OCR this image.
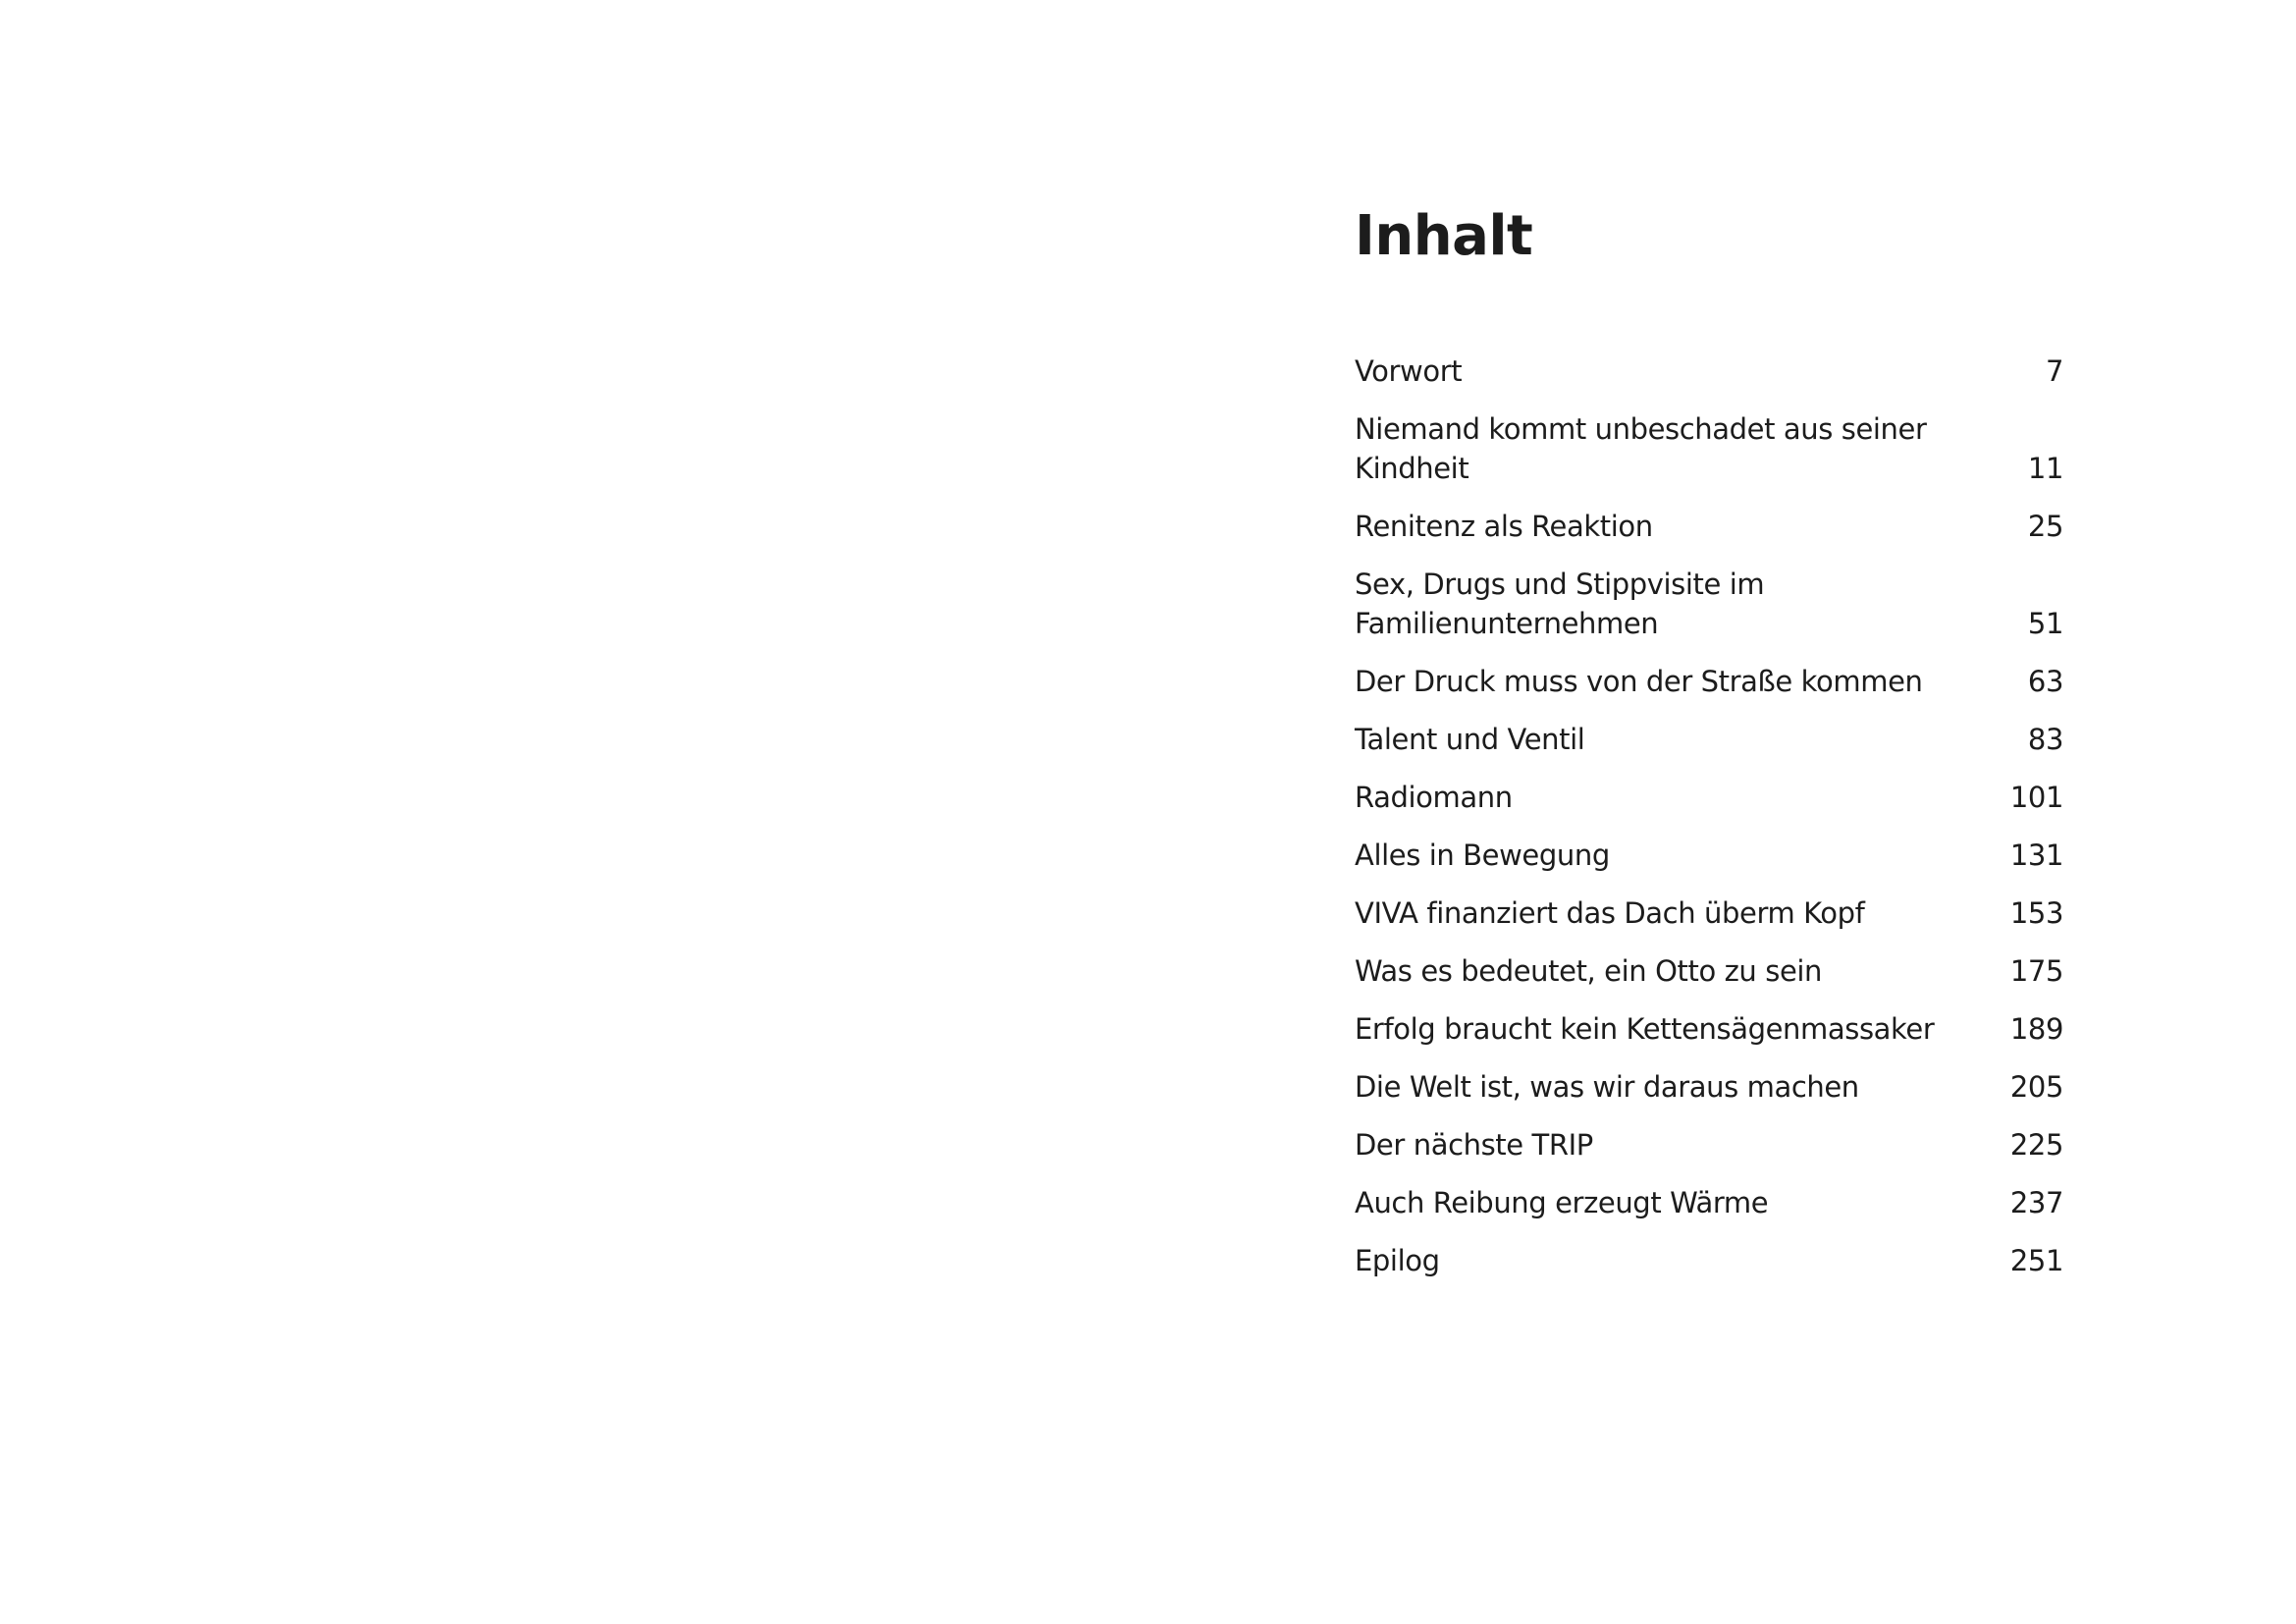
Inhalt
Vorwort	7
Niemand kommt unbeschadet aus seiner Kindheit	11
Renitenz als Reaktion	25
Sex, Drugs und Stippvisite im Familienunternehmen	51
Der Druck muss von der Straße kommen	63
Talent und Ventil	83
Radiomann	101
Alles in Bewegung	131
VIVA finanziert das Dach überm Kopf	153
Was es bedeutet, ein Otto zu sein	175
Erfolg braucht kein Kettensägenmassaker	189
Die Welt ist, was wir daraus machen	205
Der nächste TRIP	225
Auch Reibung erzeugt Wärme	237
Epilog	251
